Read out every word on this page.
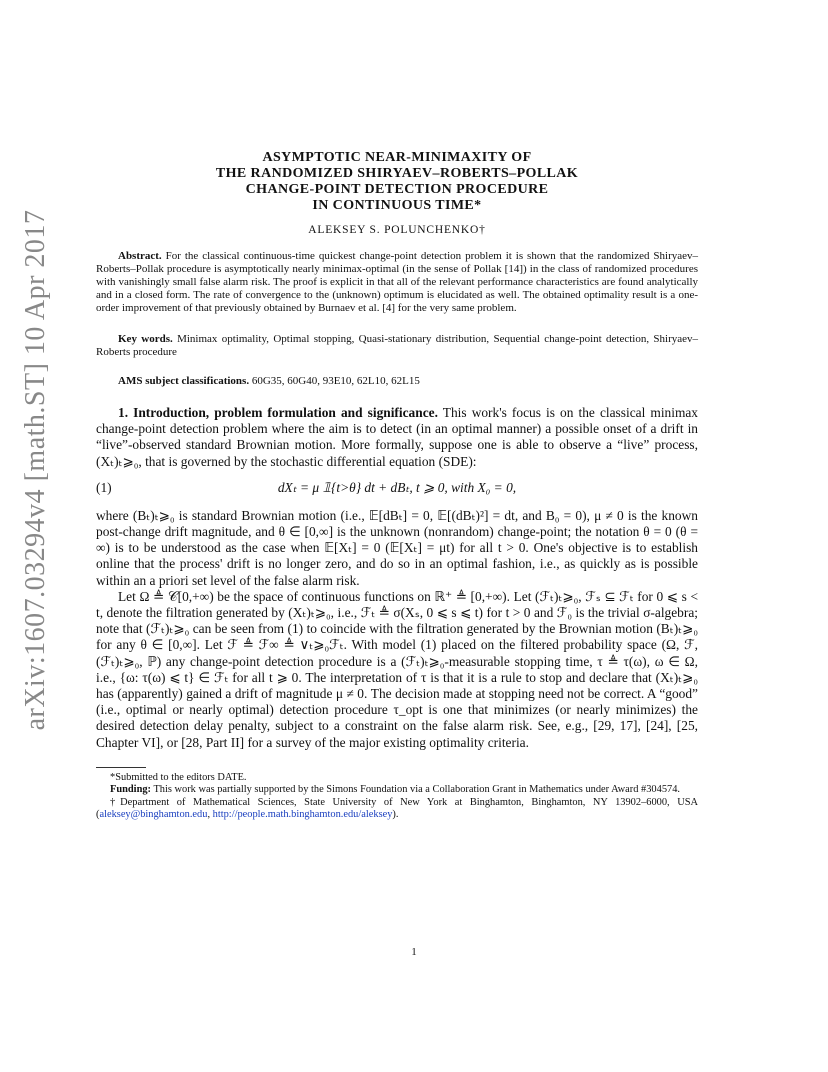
arXiv:1607.03294v4 [math.ST] 10 Apr 2017

ASYMPTOTIC NEAR-MINIMAXITY OF

THE RANDOMIZED SHIRYAEV–ROBERTS–POLLAK

CHANGE-POINT DETECTION PROCEDURE

IN CONTINUOUS TIME*

ALEKSEY S. POLUNCHENKO†
Abstract. For the classical continuous-time quickest change-point detection problem it is shown that the randomized Shiryaev–Roberts–Pollak procedure is asymptotically nearly minimax-optimal (in the sense of Pollak [14]) in the class of randomized procedures with vanishingly small false alarm risk. The proof is explicit in that all of the relevant performance characteristics are found analytically and in a closed form. The rate of convergence to the (unknown) optimum is elucidated as well. The obtained optimality result is a one-order improvement of that previously obtained by Burnaev et al. [4] for the very same problem.
Key words. Minimax optimality, Optimal stopping, Quasi-stationary distribution, Sequential change-point detection, Shiryaev–Roberts procedure
AMS subject classifications. 60G35, 60G40, 93E10, 62L10, 62L15

1. Introduction, problem formulation and significance. This work's focus is on the classical minimax change-point detection problem where the aim is to detect (in an optimal manner) a possible onset of a drift in “live”-observed standard Brownian motion. More formally, suppose one is able to observe a “live” process, (Xₜ)ₜ⩾₀, that is governed by the stochastic differential equation (SDE):

(1)	dXₜ = μ 𝟙{t>θ} dt + dBₜ, t ⩾ 0, with X₀ = 0,

where (Bₜ)ₜ⩾₀ is standard Brownian motion (i.e., 𝔼[dBₜ] = 0, 𝔼[(dBₜ)²] = dt, and B₀ = 0), μ ≠ 0 is the known post-change drift magnitude, and θ ∈ [0,∞] is the unknown (nonrandom) change-point; the notation θ = 0 (θ = ∞) is to be understood as the case when 𝔼[Xₜ] = 0 (𝔼[Xₜ] = μt) for all t > 0. One's objective is to establish online that the process' drift is no longer zero, and do so in an optimal fashion, i.e., as quickly as is possible within an a priori set level of the false alarm risk.

Let Ω ≜ 𝒞[0,+∞) be the space of continuous functions on ℝ⁺ ≜ [0,+∞). Let (ℱₜ)ₜ⩾₀, ℱₛ ⊆ ℱₜ for 0 ⩽ s < t, denote the filtration generated by (Xₜ)ₜ⩾₀, i.e., ℱₜ ≜ σ(Xₛ, 0 ⩽ s ⩽ t) for t > 0 and ℱ₀ is the trivial σ-algebra; note that (ℱₜ)ₜ⩾₀ can be seen from (1) to coincide with the filtration generated by the Brownian motion (Bₜ)ₜ⩾₀ for any θ ∈ [0,∞]. Let ℱ ≜ ℱ∞ ≜ ∨ₜ⩾₀ℱₜ. With model (1) placed on the filtered probability space (Ω, ℱ, (ℱₜ)ₜ⩾₀, ℙ) any change-point detection procedure is a (ℱₜ)ₜ⩾₀-measurable stopping time, τ ≜ τ(ω), ω ∈ Ω, i.e., {ω: τ(ω) ⩽ t} ∈ ℱₜ for all t ⩾ 0. The interpretation of τ is that it is a rule to stop and declare that (Xₜ)ₜ⩾₀ has (apparently) gained a drift of magnitude μ ≠ 0. The decision made at stopping need not be correct. A “good” (i.e., optimal or nearly optimal) detection procedure τ_opt is one that minimizes (or nearly minimizes) the desired detection delay penalty, subject to a constraint on the false alarm risk. See, e.g., [29, 17], [24], [25, Chapter VI], or [28, Part II] for a survey of the major existing optimality criteria.

*Submitted to the editors DATE.

Funding: This work was partially supported by the Simons Foundation via a Collaboration Grant in Mathematics under Award #304574.

†Department of Mathematical Sciences, State University of New York at Binghamton, Binghamton, NY 13902–6000, USA (aleksey@binghamton.edu, http://people.math.binghamton.edu/aleksey).

1
